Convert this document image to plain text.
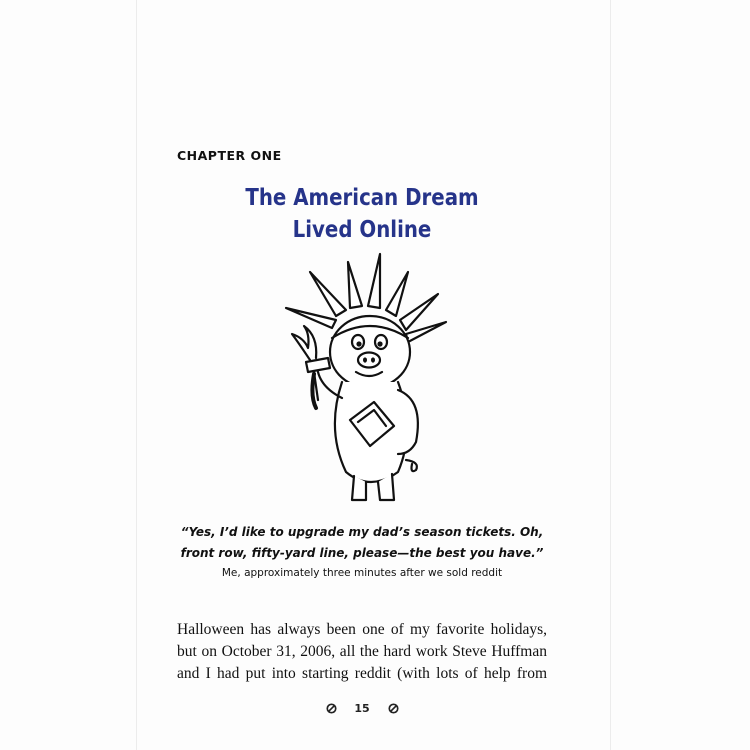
CHAPTER ONE
The American Dream
Lived Online
“Yes, I’d like to upgrade my dad’s season tickets. Oh,
front row, fifty-yard line, please—the best you have.”
Me, approximately three minutes after we sold reddit
Halloween has always been one of my favorite holidays,
but on October 31, 2006, all the hard work Steve Huffman
and I had put into starting reddit (with lots of help from
15
